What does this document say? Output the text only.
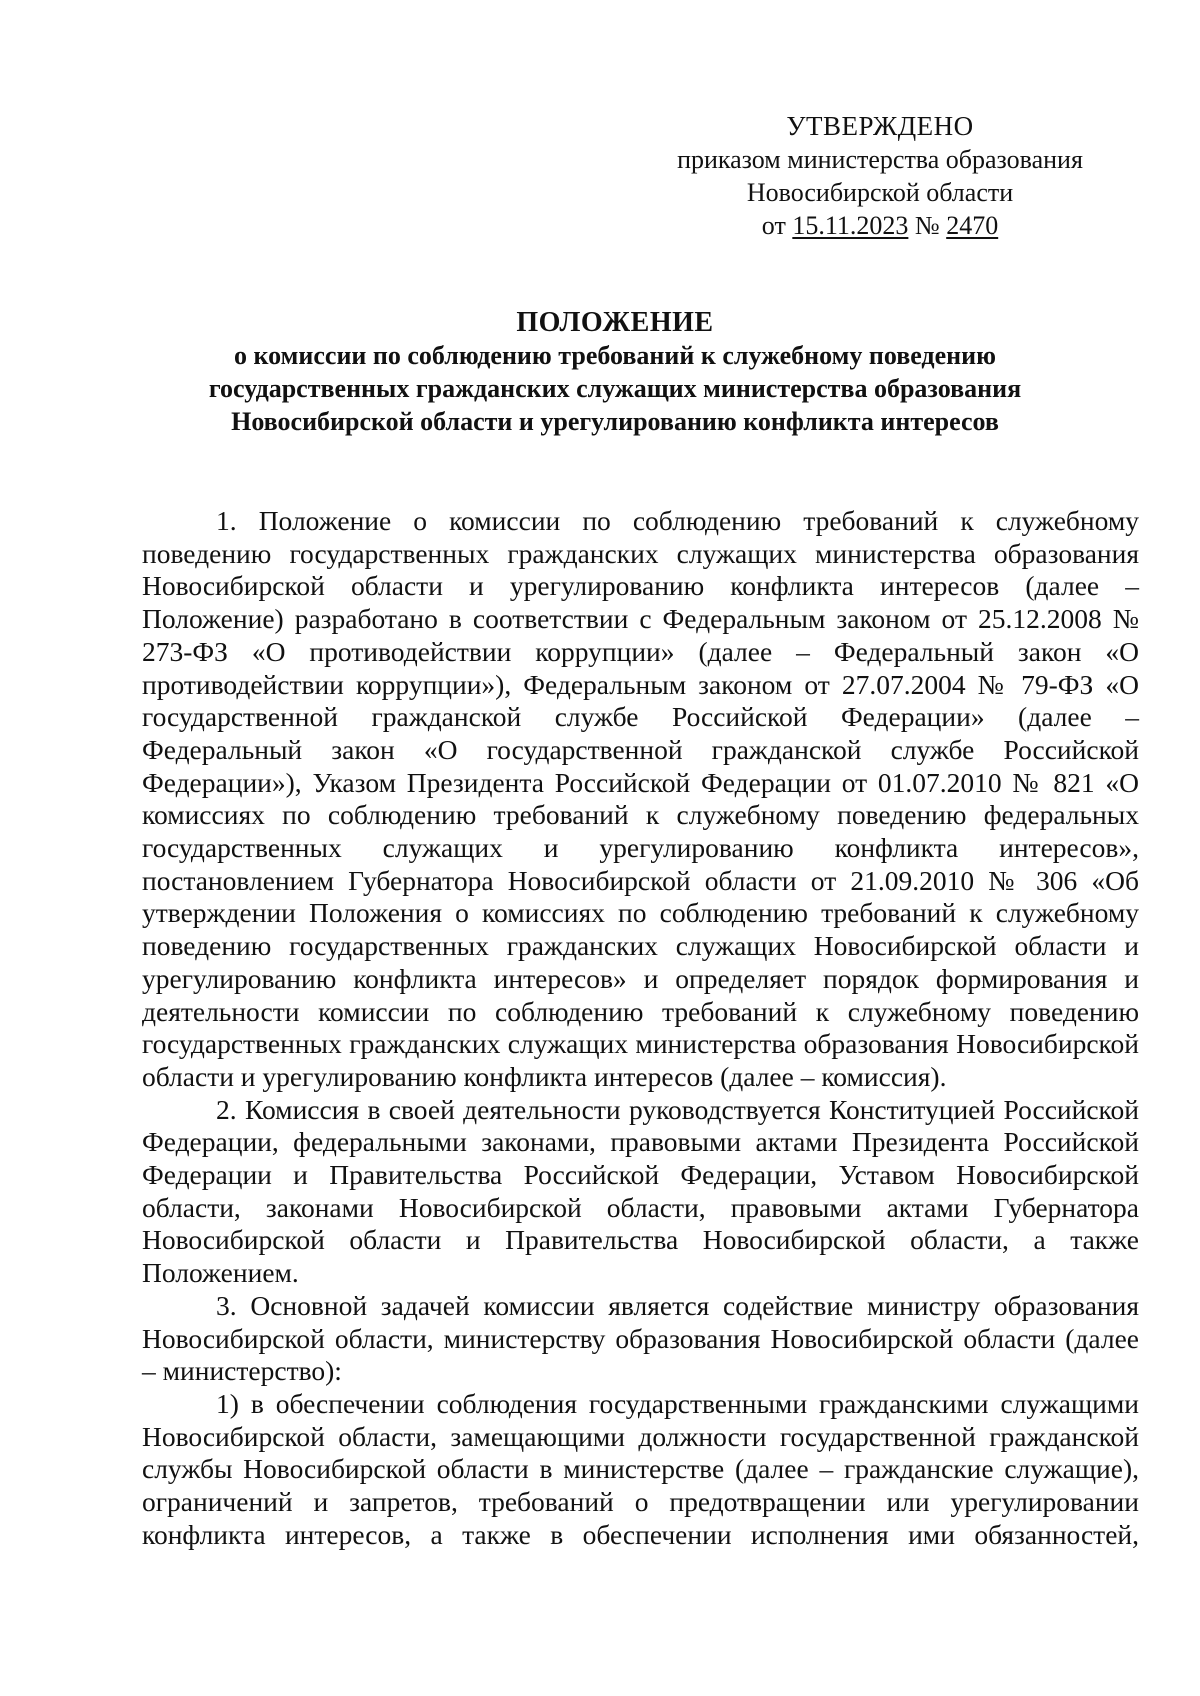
УТВЕРЖДЕНО
приказом министерства образования
Новосибирской области
от 15.11.2023 № 2470
ПОЛОЖЕНИЕ
о комиссии по соблюдению требований к служебному поведению
государственных гражданских служащих министерства образования
Новосибирской области и урегулированию конфликта интересов

1. Положение о комиссии по соблюдению требований к служебному поведению государственных гражданских служащих министерства образования Новосибирской области и урегулированию конфликта интересов (далее – Положение) разработано в соответствии с Федеральным законом от 25.12.2008 № 273-ФЗ «О противодействии коррупции» (далее – Федеральный закон «О противодействии коррупции»), Федеральным законом от 27.07.2004 № 79-ФЗ «О государственной гражданской службе Российской Федерации» (далее – Федеральный закон «О государственной гражданской службе Российской Федерации»), Указом Президента Российской Федерации от 01.07.2010 № 821 «О комиссиях по соблюдению требований к служебному поведению федеральных государственных служащих и урегулированию конфликта интересов», постановлением Губернатора Новосибирской области от 21.09.2010 № 306 «Об утверждении Положения о комиссиях по соблюдению требований к служебному поведению государственных гражданских служащих Новосибирской области и урегулированию конфликта интересов» и определяет порядок формирования и деятельности комиссии по соблюдению требований к служебному поведению государственных гражданских служащих министерства образования Новосибирской области и урегулированию конфликта интересов (далее – комиссия).

2. Комиссия в своей деятельности руководствуется Конституцией Российской Федерации, федеральными законами, правовыми актами Президента Российской Федерации и Правительства Российской Федерации, Уставом Новосибирской области, законами Новосибирской области, правовыми актами Губернатора Новосибирской области и Правительства Новосибирской области, а также Положением.

3. Основной задачей комиссии является содействие министру образования Новосибирской области, министерству образования Новосибирской области (далее – министерство):

1) в обеспечении соблюдения государственными гражданскими служащими Новосибирской области, замещающими должности государственной гражданской службы Новосибирской области в министерстве (далее – гражданские служащие), ограничений и запретов, требований о предотвращении или урегулировании конфликта интересов, а также в обеспечении исполнения ими обязанностей,
